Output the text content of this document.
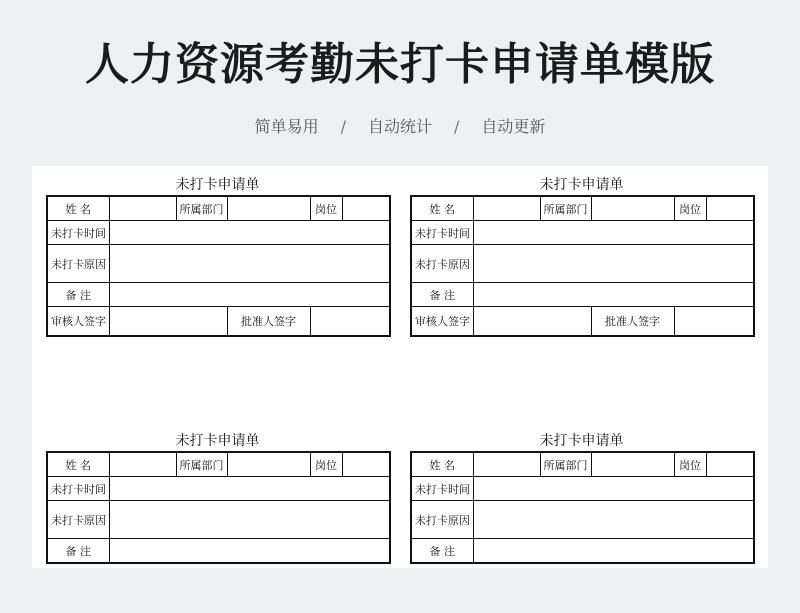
人力资源考勤未打卡申请单模版
简单易用 / 自动统计 / 自动更新
未打卡申请单
姓 名		所属部门		岗位	
未打卡时间					
未打卡原因					
备 注					
审核人签字			批准人签字		
未打卡申请单
姓 名		所属部门		岗位	
未打卡时间					
未打卡原因					
备 注					
审核人签字			批准人签字		
未打卡申请单
姓 名		所属部门		岗位	
未打卡时间					
未打卡原因					
备 注					
未打卡申请单
姓 名		所属部门		岗位	
未打卡时间					
未打卡原因					
备 注					
